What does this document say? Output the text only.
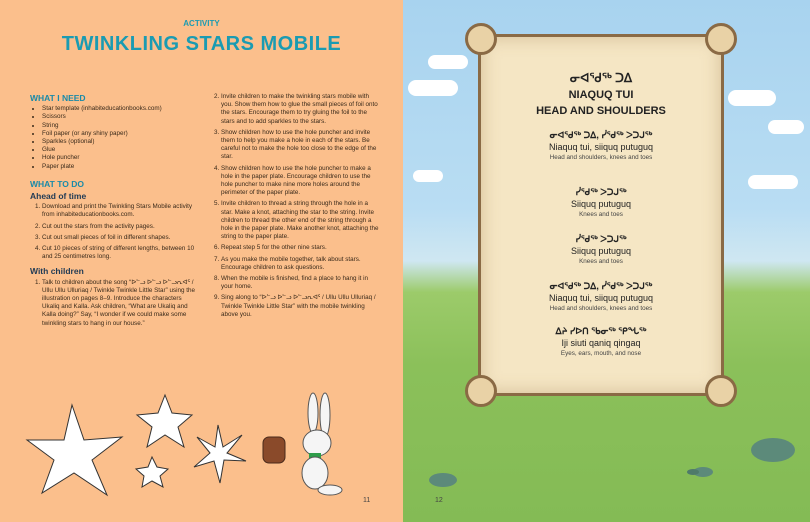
ACTIVITY
TWINKLING STARS MOBILE

WHAT I NEED

• Star template (inhabiteducationbooks.com)
• Scissors
• String
• Foil paper (or any shiny paper)
• Sparkles (optional)
• Glue
• Hole puncher
• Paper plate

WHAT TO DO

Ahead of time

1. Download and print the Twinkling Stars Mobile activity from inhabiteducationbooks.com.
2. Cut out the stars from the activity pages.
3. Cut out small pieces of foil in different shapes.
4. Cut 10 pieces of string of different lengths, between 10 and 25 centimetres long.

With children

1. Talk to children about the song “ᐅᓪᓗ ᐅᓪᓗ ᐅᓪᓗᕆᐊᕐ / Ullu Ullu Ulluriaq / Twinkle Twinkle Little Star” using the illustration on pages 8–9. Introduce the characters Ukaliq and Kalla. Ask children, “What are Ukaliq and Kalla doing?” Say, “I wonder if we could make some twinkling stars to hang in our house.”
2. Invite children to make the twinkling stars mobile with you. Show them how to glue the small pieces of foil onto the stars. Encourage them to try gluing the foil to the stars and to add sparkles to the stars.
3. Show children how to use the hole puncher and invite them to help you make a hole in each of the stars. Be careful not to make the hole too close to the edge of the star.
4. Show children how to use the hole puncher to make a hole in the paper plate. Encourage children to use the hole puncher to make nine more holes around the perimeter of the paper plate.
5. Invite children to thread a string through the hole in a star. Make a knot, attaching the star to the string. Invite children to thread the other end of the string through a hole in the paper plate. Make another knot, attaching the string to the paper plate.
6. Repeat step 5 for the other nine stars.
7. As you make the mobile together, talk about stars. Encourage children to ask questions.
8. When the mobile is finished, find a place to hang it in your home.
9. Sing along to “ᐅᓪᓗ ᐅᓪᓗ ᐅᓪᓗᕆᐊᕐ / Ullu Ullu Ulluriaq / Twinkle Twinkle Little Star” with the mobile twinkling above you.
11
ᓂᐊᖁᖅ ᑐᐃ
NIAQUQ TUI
HEAD AND SHOULDERS
ᓂᐊᖁᖅ ᑐᐃ, ᓰᖁᖅ ᐳᑐᒍᖅ
Niaquq tui, siiquq putuguq
Head and shoulders, knees and toes
ᓰᖁᖅ ᐳᑐᒍᖅ
Siiquq putuguq
Knees and toes
ᓰᖁᖅ ᐳᑐᒍᖅ
Siiquq putuguq
Knees and toes
ᓂᐊᖁᖅ ᑐᐃ, ᓰᖁᖅ ᐳᑐᒍᖅ
Niaquq tui, siiquq putuguq
Head and shoulders, knees and toes
ᐃᔨ ᓯᐅᑎ ᖃᓂᖅ ᕿᖓᖅ
Iji siuti qaniq qingaq
Eyes, ears, mouth, and nose
12
